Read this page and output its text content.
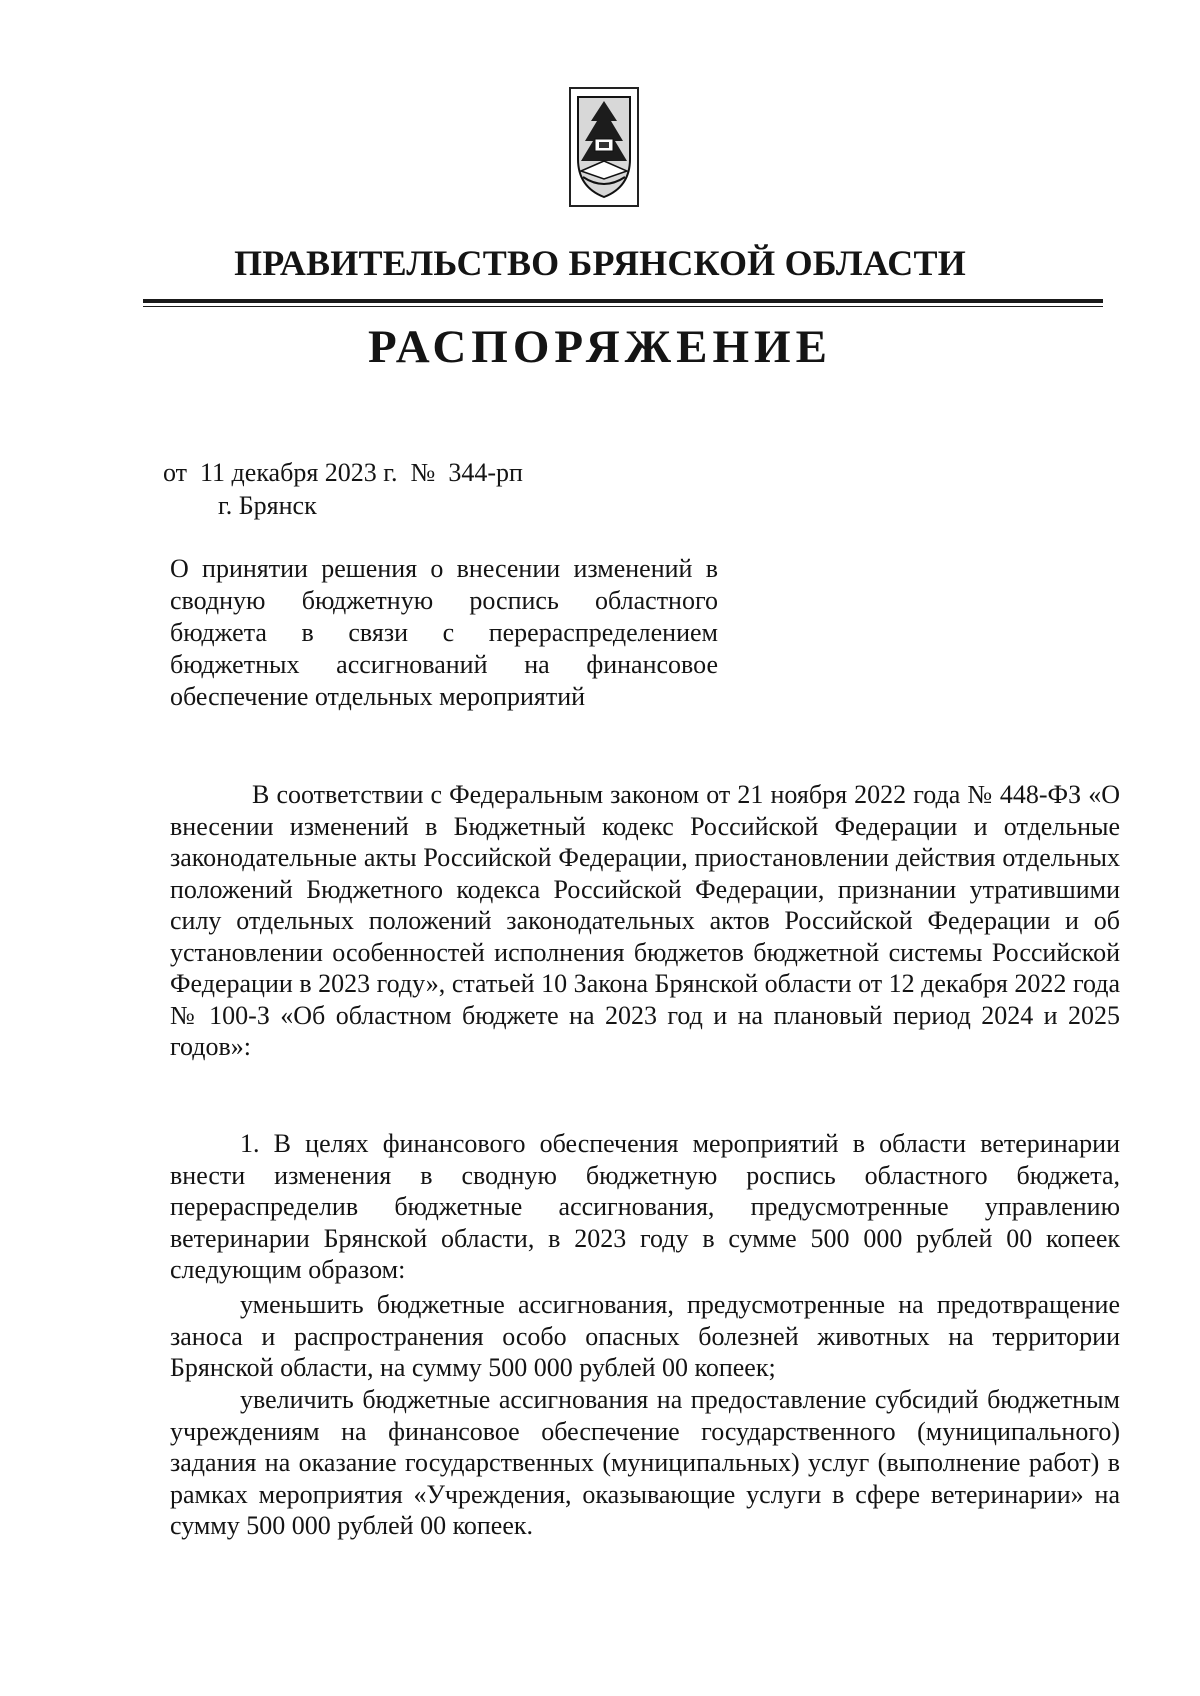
ПРАВИТЕЛЬСТВО БРЯНСКОЙ ОБЛАСТИ
РАСПОРЯЖЕНИЕ
от  11 декабря 2023 г.  №  344-рп
г. Брянск
О принятии решения о внесении изменений в сводную бюджетную роспись областного бюджета в связи с перераспределением бюджетных ассигнований на финансовое обеспечение отдельных мероприятий
В соответствии с Федеральным законом от 21 ноября 2022 года № 448-ФЗ «О внесении изменений в Бюджетный кодекс Российской Федерации и отдельные законодательные акты Российской Федерации, приостановлении действия отдельных положений Бюджетного кодекса Российской Федерации, признании утратившими силу отдельных положений законодательных актов Российской Федерации и об установлении особенностей исполнения бюджетов бюджетной системы Российской Федерации в 2023 году», статьей 10 Закона Брянской области от 12 декабря 2022 года № 100-З «Об областном бюджете на 2023 год и на плановый период 2024 и 2025 годов»:
1. В целях финансового обеспечения мероприятий в области ветеринарии внести изменения в сводную бюджетную роспись областного бюджета, перераспределив бюджетные ассигнования, предусмотренные управлению ветеринарии Брянской области, в 2023 году в сумме 500 000 рублей 00 копеек следующим образом:
уменьшить бюджетные ассигнования, предусмотренные на предотвращение заноса и распространения особо опасных болезней животных на территории Брянской области, на сумму 500 000 рублей 00 копеек;
увеличить бюджетные ассигнования на предоставление субсидий бюджетным учреждениям на финансовое обеспечение государственного (муниципального) задания на оказание государственных (муниципальных) услуг (выполнение работ) в рамках мероприятия «Учреждения, оказывающие услуги в сфере ветеринарии» на сумму 500 000 рублей 00 копеек.
